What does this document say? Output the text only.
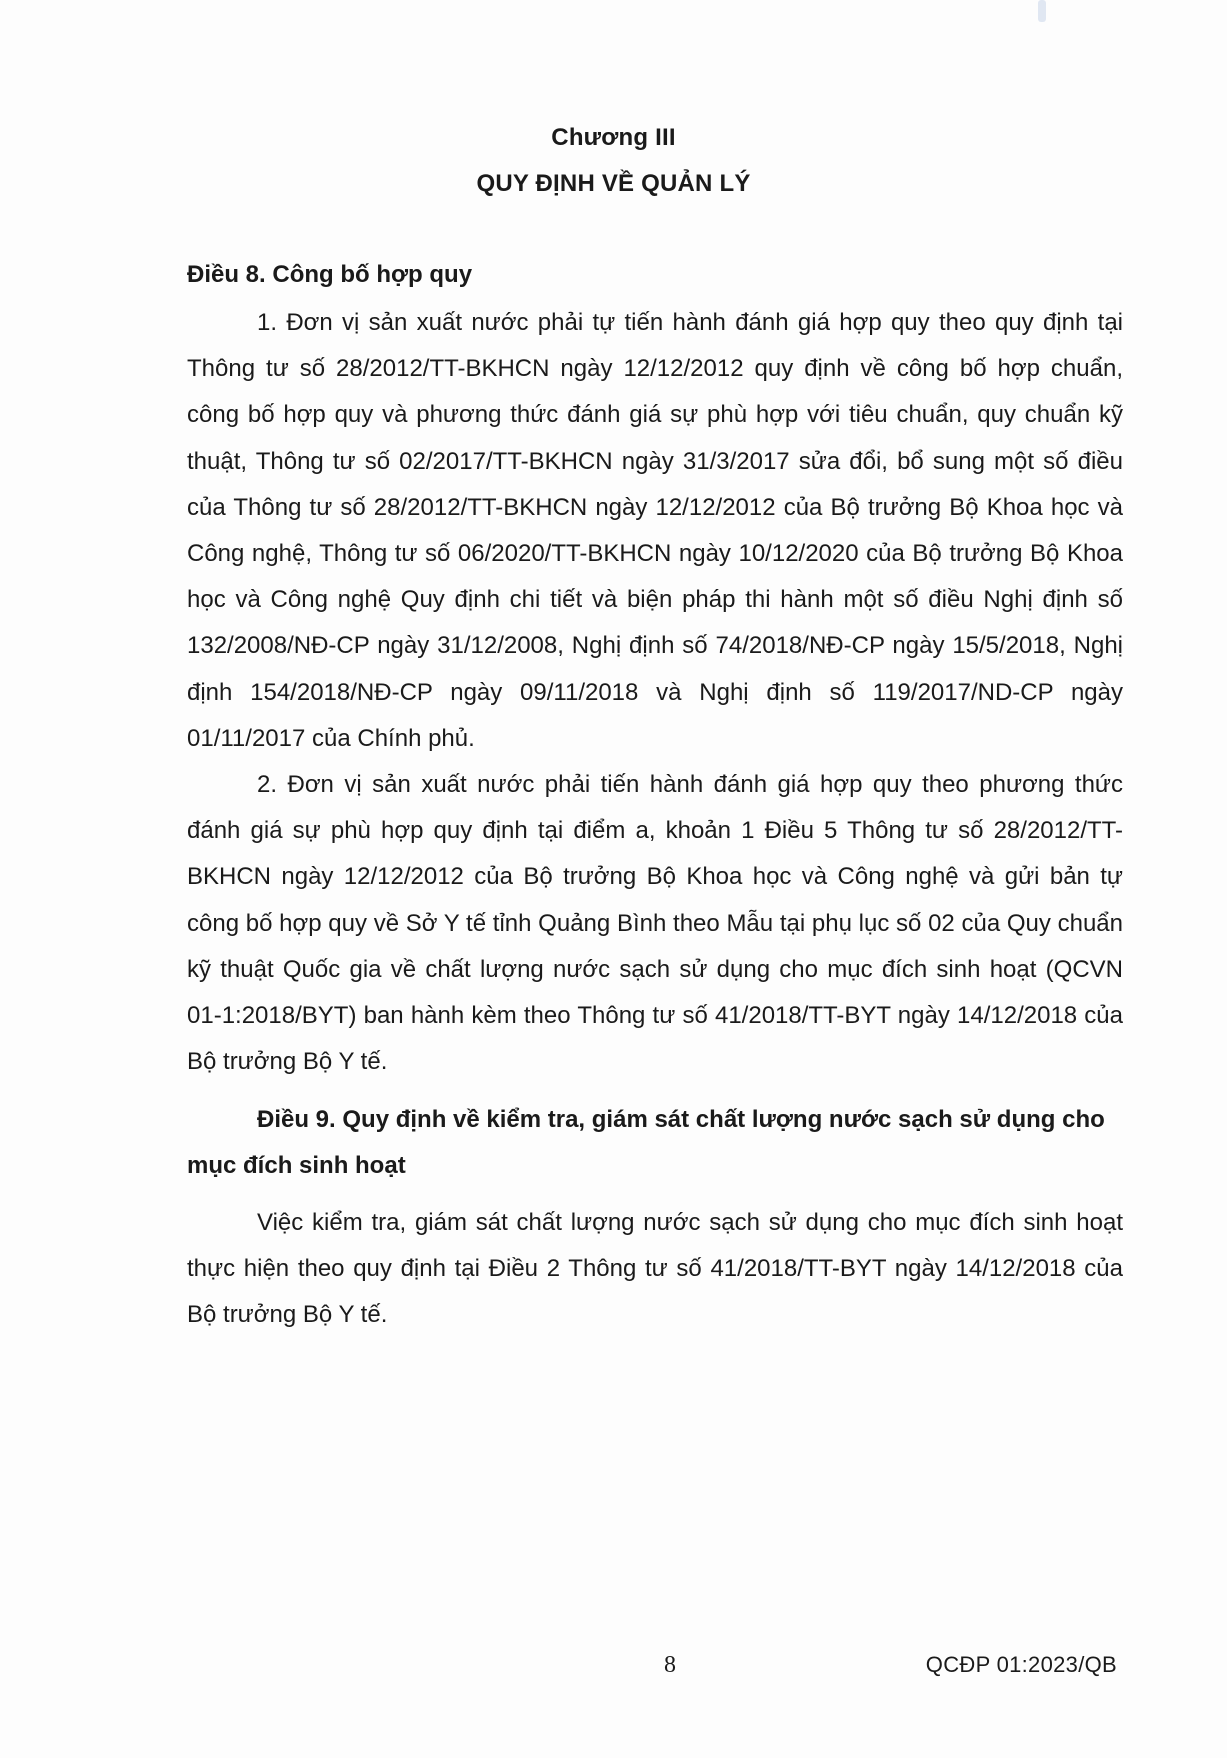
Chương III
QUY ĐỊNH VỀ QUẢN LÝ
Điều 8. Công bố hợp quy

1. Đơn vị sản xuất nước phải tự tiến hành đánh giá hợp quy theo quy định tại Thông tư số 28/2012/TT-BKHCN ngày 12/12/2012 quy định về công bố hợp chuẩn, công bố hợp quy và phương thức đánh giá sự phù hợp với tiêu chuẩn, quy chuẩn kỹ thuật, Thông tư số 02/2017/TT-BKHCN ngày 31/3/2017 sửa đổi, bổ sung một số điều của Thông tư số 28/2012/TT-BKHCN ngày 12/12/2012 của Bộ trưởng Bộ Khoa học và Công nghệ, Thông tư số 06/2020/TT-BKHCN ngày 10/12/2020 của Bộ trưởng Bộ Khoa học và Công nghệ Quy định chi tiết và biện pháp thi hành một số điều Nghị định số 132/2008/NĐ-CP ngày 31/12/2008, Nghị định số 74/2018/NĐ-CP ngày 15/5/2018, Nghị định 154/2018/NĐ-CP ngày 09/11/2018 và Nghị định số 119/2017/ND-CP ngày 01/11/2017 của Chính phủ.

2. Đơn vị sản xuất nước phải tiến hành đánh giá hợp quy theo phương thức đánh giá sự phù hợp quy định tại điểm a, khoản 1 Điều 5 Thông tư số 28/2012/TT-BKHCN ngày 12/12/2012 của Bộ trưởng Bộ Khoa học và Công nghệ và gửi bản tự công bố hợp quy về Sở Y tế tỉnh Quảng Bình theo Mẫu tại phụ lục số 02 của Quy chuẩn kỹ thuật Quốc gia về chất lượng nước sạch sử dụng cho mục đích sinh hoạt (QCVN 01-1:2018/BYT) ban hành kèm theo Thông tư số 41/2018/TT-BYT ngày 14/12/2018 của Bộ trưởng Bộ Y tế.

Điều 9. Quy định về kiểm tra, giám sát chất lượng nước sạch sử dụng cho mục đích sinh hoạt

Việc kiểm tra, giám sát chất lượng nước sạch sử dụng cho mục đích sinh hoạt thực hiện theo quy định tại Điều 2 Thông tư số 41/2018/TT-BYT ngày 14/12/2018 của Bộ trưởng Bộ Y tế.

8	QCĐP 01:2023/QB
